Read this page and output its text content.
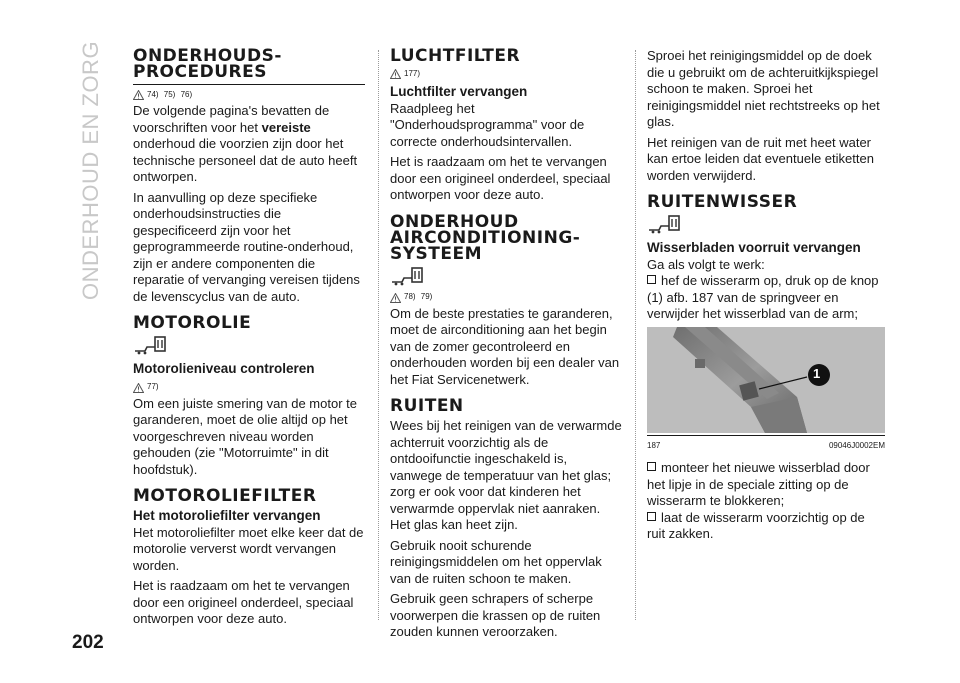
ONDERHOUD EN ZORG
202
ONDERHOUDS-PROCEDURES
74) 75) 76)
De volgende pagina's bevatten de voorschriften voor het vereiste onderhoud die voorzien zijn door het technische personeel dat de auto heeft ontworpen.
In aanvulling op deze specifieke onderhoudsinstructies die gespecificeerd zijn voor het geprogrammeerde routine-onderhoud, zijn er andere componenten die reparatie of vervanging vereisen tijdens de levenscyclus van de auto.
MOTOROLIE
Motorolieniveau controleren
77)
Om een juiste smering van de motor te garanderen, moet de olie altijd op het voorgeschreven niveau worden gehouden (zie "Motorruimte" in dit hoofdstuk).
MOTOROLIEFILTER
Het motoroliefilter vervangen
Het motoroliefilter moet elke keer dat de motorolie ververst wordt vervangen worden.
Het is raadzaam om het te vervangen door een origineel onderdeel, speciaal ontworpen voor deze auto.
LUCHTFILTER
177)
Luchtfilter vervangen
Raadpleeg het "Onderhoudsprogramma" voor de correcte onderhoudsintervallen.
Het is raadzaam om het te vervangen door een origineel onderdeel, speciaal ontworpen voor deze auto.
ONDERHOUD AIRCONDITIONING-SYSTEEM
78) 79)
Om de beste prestaties te garanderen, moet de airconditioning aan het begin van de zomer gecontroleerd en onderhouden worden bij een dealer van het Fiat Servicenetwerk.
RUITEN
Wees bij het reinigen van de verwarmde achterruit voorzichtig als de ontdooifunctie ingeschakeld is, vanwege de temperatuur van het glas; zorg er ook voor dat kinderen het verwarmde oppervlak niet aanraken. Het glas kan heet zijn.
Gebruik nooit schurende reinigingsmiddelen om het oppervlak van de ruiten schoon te maken.
Gebruik geen schrapers of scherpe voorwerpen die krassen op de ruiten zouden kunnen veroorzaken.
Sproei het reinigingsmiddel op de doek die u gebruikt om de achteruitkijkspiegel schoon te maken. Sproei het reinigingsmiddel niet rechtstreeks op het glas.
Het reinigen van de ruit met heet water kan ertoe leiden dat eventuele etiketten worden verwijderd.
RUITENWISSER
Wisserbladen voorruit vervangen
Ga als volgt te werk:
hef de wisserarm op, druk op de knop (1) afb. 187 van de springveer en verwijder het wisserblad van de arm;
1
187	09046J0002EM
monteer het nieuwe wisserblad door het lipje in de speciale zitting op de wisserarm te blokkeren;
laat de wisserarm voorzichtig op de ruit zakken.
